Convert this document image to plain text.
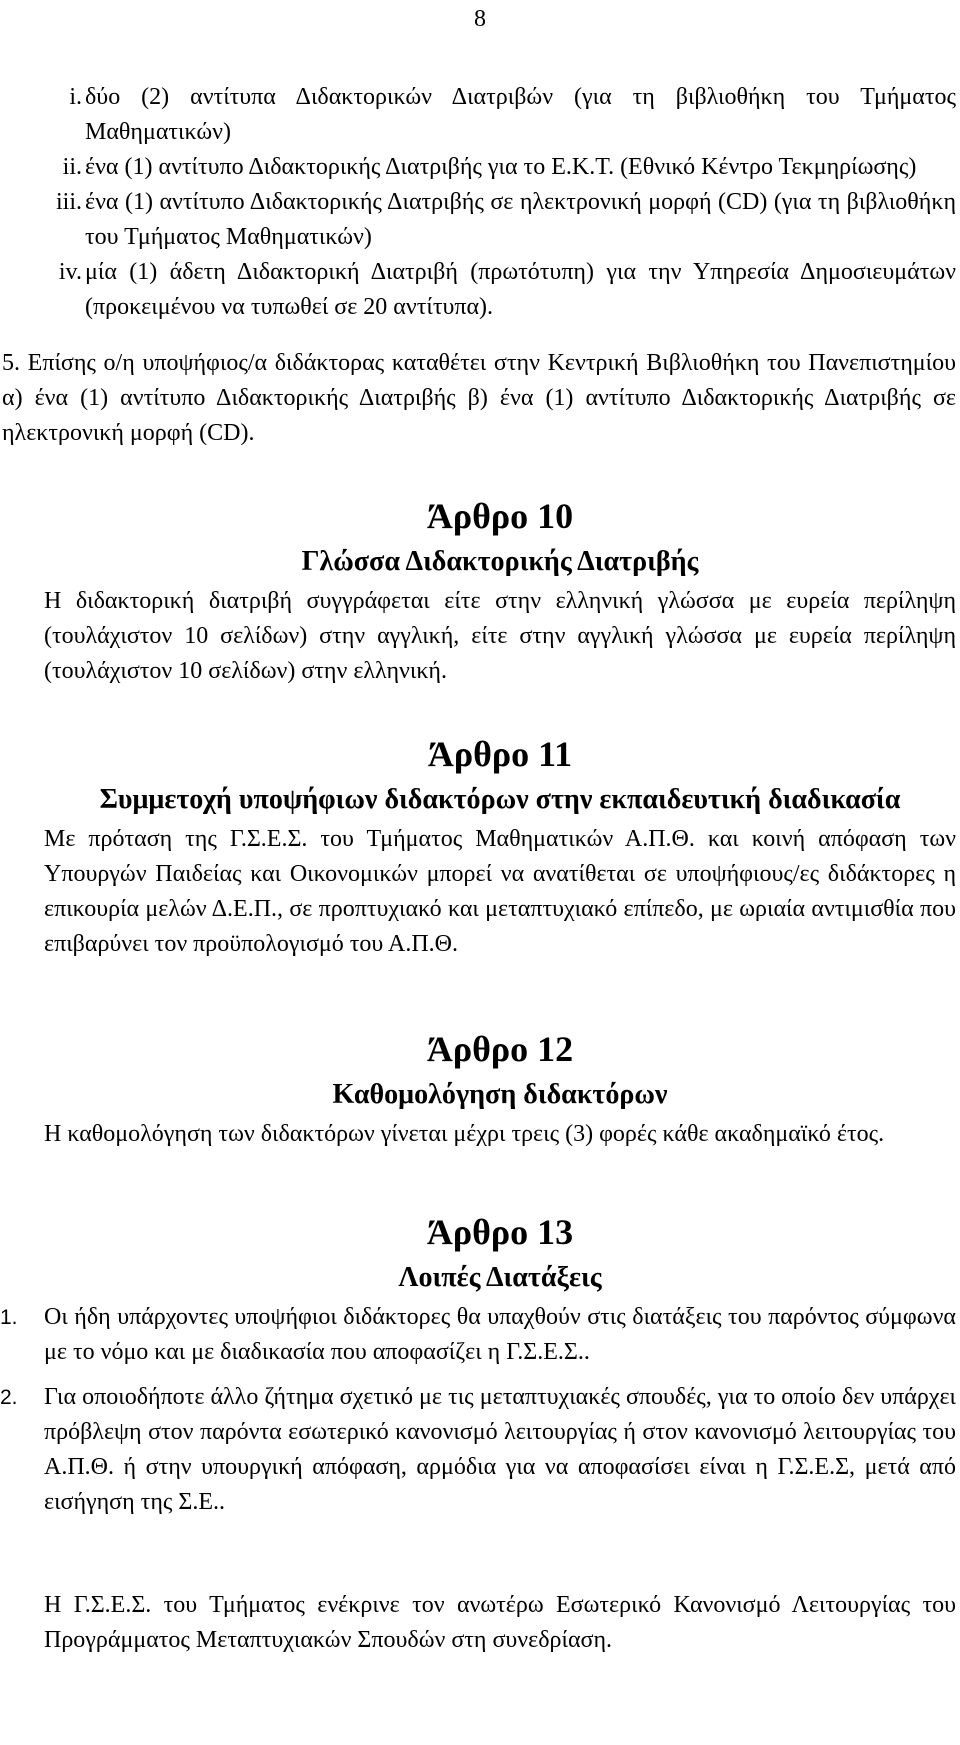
8
i. δύο (2) αντίτυπα Διδακτορικών Διατριβών (για τη βιβλιοθήκη του Τμήματος Μαθηματικών)
ii. ένα (1) αντίτυπο Διδακτορικής Διατριβής για το Ε.Κ.Τ. (Εθνικό Κέντρο Τεκμηρίωσης)
iii. ένα (1) αντίτυπο Διδακτορικής Διατριβής σε ηλεκτρονική μορφή (CD) (για τη βιβλιοθήκη του Τμήματος Μαθηματικών)
iv. μία (1) άδετη Διδακτορική Διατριβή (πρωτότυπη) για την Υπηρεσία Δημοσιευμάτων (προκειμένου να τυπωθεί σε 20 αντίτυπα).

5. Επίσης ο/η υποψήφιος/α διδάκτορας καταθέτει στην Κεντρική Βιβλιοθήκη του Πανεπιστημίου α) ένα (1) αντίτυπο Διδακτορικής Διατριβής β) ένα (1) αντίτυπο Διδακτορικής Διατριβής σε ηλεκτρονική μορφή (CD).

Άρθρο 10
Γλώσσα Διδακτορικής Διατριβής

Η διδακτορική διατριβή συγγράφεται είτε στην ελληνική γλώσσα με ευρεία περίληψη (τουλάχιστον 10 σελίδων) στην αγγλική, είτε στην αγγλική γλώσσα με ευρεία περίληψη (τουλάχιστον 10 σελίδων) στην ελληνική.

Άρθρο 11
Συμμετοχή υποψήφιων διδακτόρων στην εκπαιδευτική διαδικασία

Με πρόταση της Γ.Σ.Ε.Σ. του Τμήματος Μαθηματικών Α.Π.Θ. και κοινή απόφαση των Υπουργών Παιδείας και Οικονομικών μπορεί να ανατίθεται σε υποψήφιους/ες διδάκτορες η επικουρία μελών Δ.Ε.Π., σε προπτυχιακό και μεταπτυχιακό επίπεδο, με ωριαία αντιμισθία που επιβαρύνει τον προϋπολογισμό του Α.Π.Θ.

Άρθρο 12
Καθομολόγηση διδακτόρων

Η καθομολόγηση των διδακτόρων γίνεται μέχρι τρεις (3) φορές κάθε ακαδημαϊκό έτος.

Άρθρο 13
Λοιπές Διατάξεις
1.	Οι ήδη υπάρχοντες υποψήφιοι διδάκτορες θα υπαχθούν στις διατάξεις του παρόντος σύμφωνα με το νόμο και με διαδικασία που αποφασίζει η Γ.Σ.Ε.Σ..
2.	Για οποιοδήποτε άλλο ζήτημα σχετικό με τις μεταπτυχιακές σπουδές, για το οποίο δεν υπάρχει πρόβλεψη στον παρόντα εσωτερικό κανονισμό λειτουργίας ή στον κανονισμό λειτουργίας του Α.Π.Θ. ή στην υπουργική απόφαση, αρμόδια για να αποφασίσει είναι η Γ.Σ.Ε.Σ, μετά από εισήγηση της Σ.Ε..

Η Γ.Σ.Ε.Σ. του Τμήματος ενέκρινε τον ανωτέρω Εσωτερικό Κανονισμό Λειτουργίας του Προγράμματος Μεταπτυχιακών Σπουδών στη συνεδρίαση.
